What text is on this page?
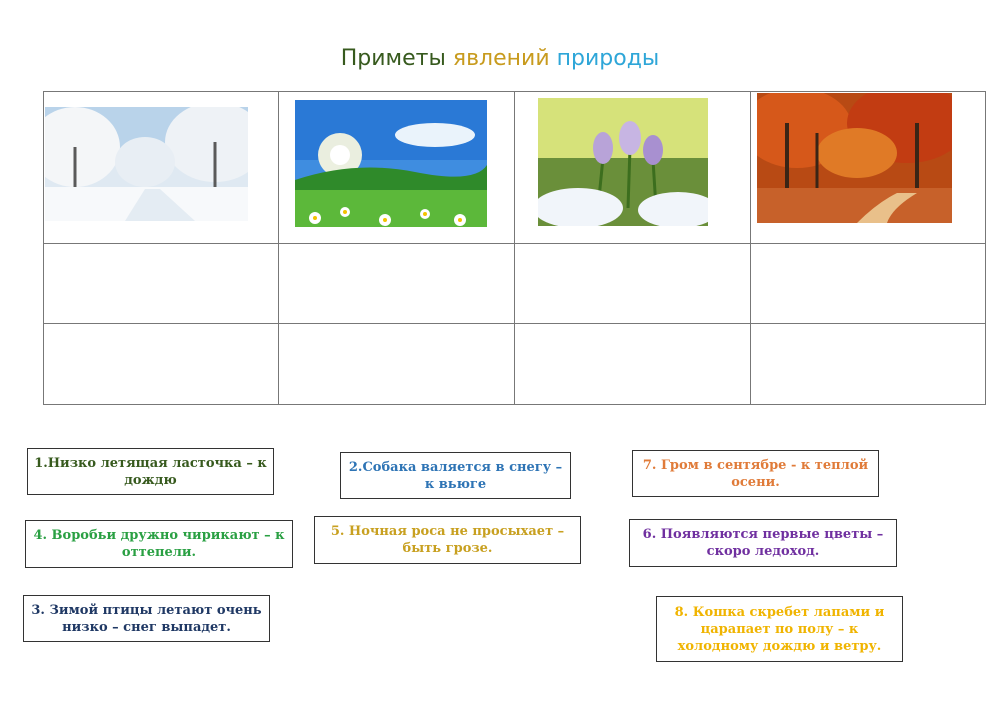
Приметы явлений природы

1.Низко летящая ласточка – к дождю
2.Собака валяется в снегу – к вьюге
7. Гром в сентябре - к теплой осени.
4. Воробьи дружно чирикают – к оттепели.
5. Ночная роса не просыхает – быть грозе.
6. Появляются первые цветы – скоро ледоход.
3. Зимой птицы летают очень низко – снег выпадет.
8. Кошка скребет лапами и царапает по полу – к холодному дождю и ветру.
